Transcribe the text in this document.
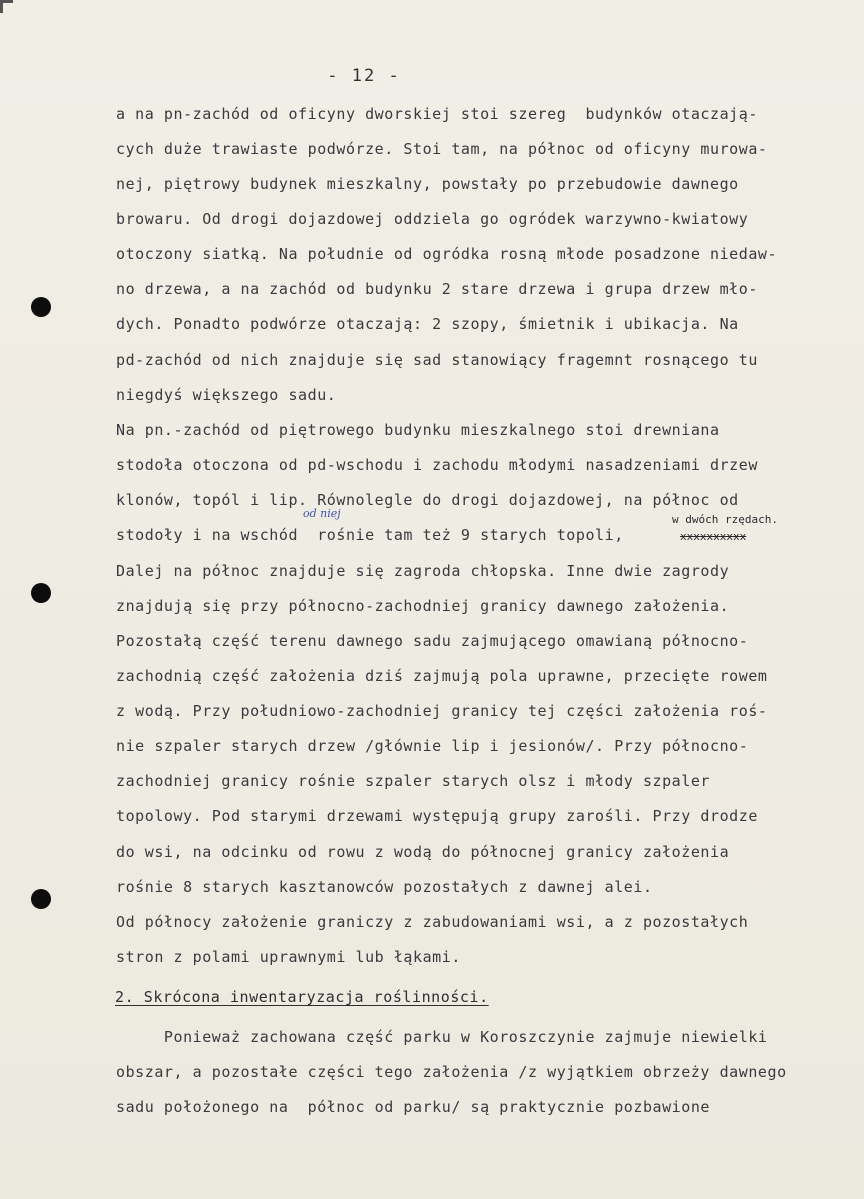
- 12 -
a na pn-zachód od oficyny dworskiej stoi szereg  budynków otaczają-
cych duże trawiaste podwórze. Stoi tam, na północ od oficyny murowa-
nej, piętrowy budynek mieszkalny, powstały po przebudowie dawnego
browaru. Od drogi dojazdowej oddziela go ogródek warzywno-kwiatowy
otoczony siatką. Na południe od ogródka rosną młode posadzone niedaw-
no drzewa, a na zachód od budynku 2 stare drzewa i grupa drzew mło-
dych. Ponadto podwórze otaczają: 2 szopy, śmietnik i ubikacja. Na
pd-zachód od nich znajduje się sad stanowiący fragemnt rosnącego tu
niegdyś większego sadu.
Na pn.-zachód od piętrowego budynku mieszkalnego stoi drewniana
stodoła otoczona od pd-wschodu i zachodu młodymi nasadzeniami drzew
klonów, topól i lip. Równolegle do drogi dojazdowej, na północ od
stodoły i na wschód  rośnie tam też 9 starych topoli,
od niej	w dwóch rzędach.
xxxxxxxxxx
Dalej na północ znajduje się zagroda chłopska. Inne dwie zagrody
znajdują się przy północno-zachodniej granicy dawnego założenia.
Pozostałą część terenu dawnego sadu zajmującego omawianą północno-
zachodnią część założenia dziś zajmują pola uprawne, przecięte rowem
z wodą. Przy południowo-zachodniej granicy tej części założenia roś-
nie szpaler starych drzew /głównie lip i jesionów/. Przy północno-
zachodniej granicy rośnie szpaler starych olsz i młody szpaler
topolowy. Pod starymi drzewami występują grupy zarośli. Przy drodze
do wsi, na odcinku od rowu z wodą do północnej granicy założenia
rośnie 8 starych kasztanowców pozostałych z dawnej alei.
Od północy założenie graniczy z zabudowaniami wsi, a z pozostałych
stron z polami uprawnymi lub łąkami.
2. Skrócona inwentaryzacja roślinności.
Ponieważ zachowana część parku w Koroszczynie zajmuje niewielki
obszar, a pozostałe części tego założenia /z wyjątkiem obrzeży dawnego
sadu położonego na  północ od parku/ są praktycznie pozbawione
